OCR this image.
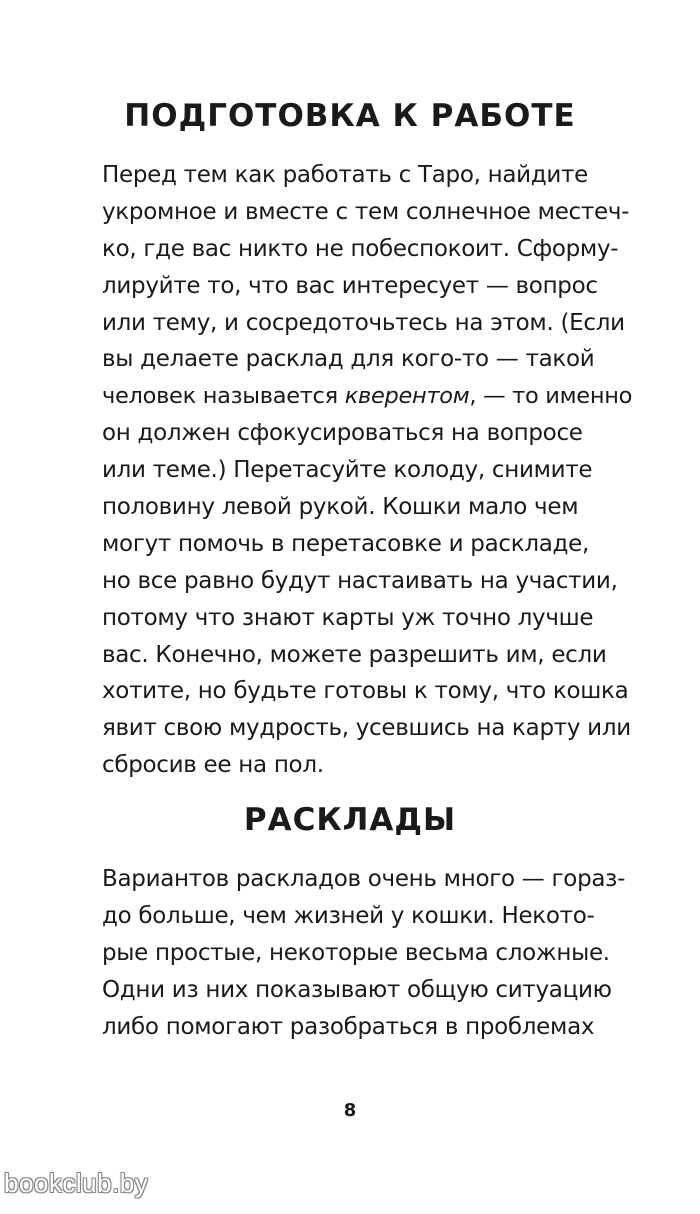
ПОДГОТОВКА К РАБОТЕ
Перед тем как работать с Таро, найдите
укромное и вместе с тем солнечное местеч-
ко, где вас никто не побеспокоит. Сформу-
лируйте то, что вас интересует — вопрос
или тему, и сосредоточьтесь на этом. (Если
вы делаете расклад для кого-то — такой
человек называется кверентом, — то именно
он должен сфокусироваться на вопросе
или теме.) Перетасуйте колоду, снимите
половину левой рукой. Кошки мало чем
могут помочь в перетасовке и раскладе,
но все равно будут настаивать на участии,
потому что знают карты уж точно лучше
вас. Конечно, можете разрешить им, если
хотите, но будьте готовы к тому, что кошка
явит свою мудрость, усевшись на карту или
сбросив ее на пол.
РАСКЛАДЫ
Вариантов раскладов очень много — гораз-
до больше, чем жизней у кошки. Некото-
рые простые, некоторые весьма сложные.
Одни из них показывают общую ситуацию
либо помогают разобраться в проблемах
8
bookclub.by
